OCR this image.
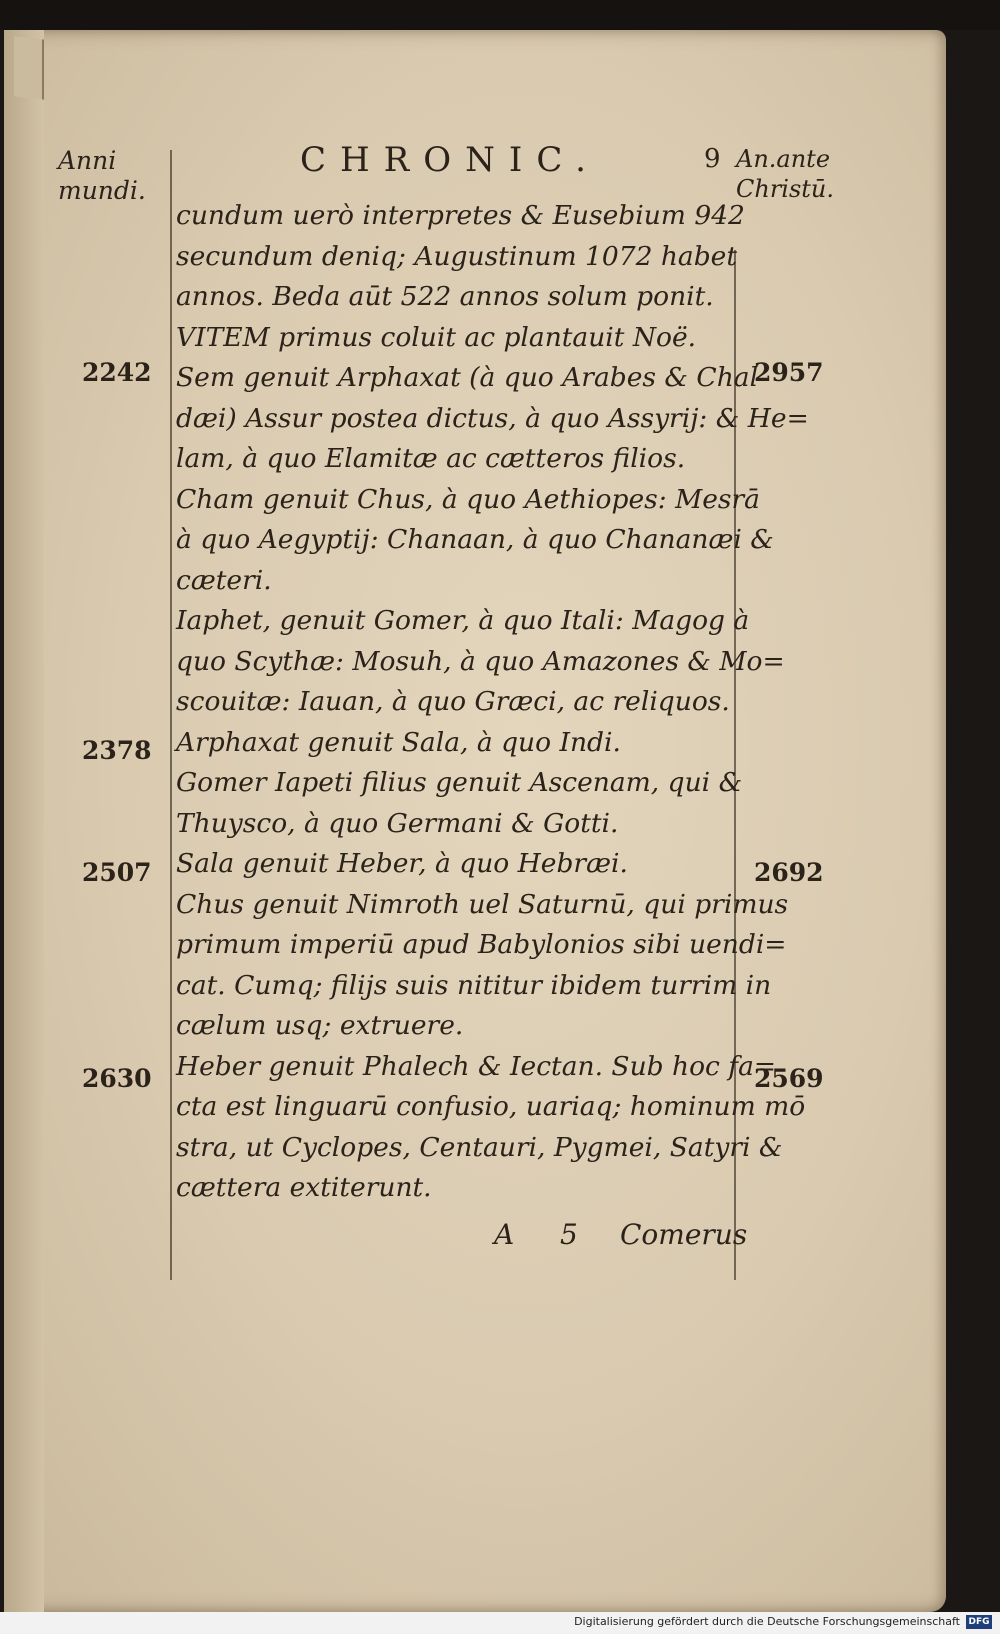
Anni
mundi.
CHRONIC.	9 An.ante
Christū.
cundum uerò interpretes & Eusebium 942
secundum deniq; Augustinum 1072 habet
annos. Beda aūt 522 annos solum ponit.
VITEM primus coluit ac plantauit Noë.
Sem genuit Arphaxat (à quo Arabes & Chal
dæi) Assur postea dictus, à quo Assyrij: & He=
lam, à quo Elamitæ ac cætteros filios.
Cham genuit Chus, à quo Aethiopes: Mesrā
à quo Aegyptij: Chanaan, à quo Chananæi &
cæteri.
Iaphet, genuit Gomer, à quo Itali: Magog à
quo Scythæ: Mosuh, à quo Amazones & Mo=
scouitæ: Iauan, à quo Græci, ac reliquos.
Arphaxat genuit Sala, à quo Indi.
Gomer Iapeti filius genuit Ascenam, qui &
Thuysco, à quo Germani & Gotti.
Sala genuit Heber, à quo Hebræi.
Chus genuit Nimroth uel Saturnū, qui primus
primum imperiū apud Babylonios sibi uendi=
cat. Cumq; filijs suis nititur ibidem turrim in
cælum usq; extruere.
Heber genuit Phalech & Iectan. Sub hoc fa=
cta est linguarū confusio, uariaq; hominum mō
stra, ut Cyclopes, Centauri, Pygmei, Satyri &
cættera extiterunt.
2242
2378
2507
2630
2957
2692
2569
A 5 Comerus
Digitalisierung gefördert durch die Deutsche Forschungsgemeinschaft DFG
